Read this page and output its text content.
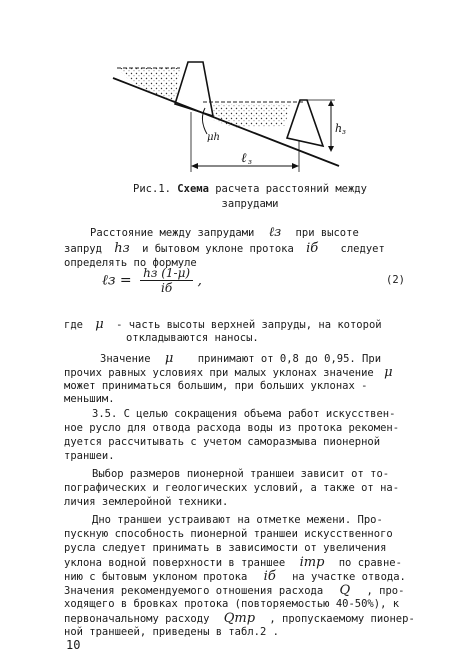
h з
μh
ℓ з
Рис.1. Схема расчета расстояний между
запрудами
Расстояние между запрудами ℓз при высоте
запруд hз и бытовом уклоне протока iб следует
определять по формуле
ℓз = $\frac{hз (1-\mu)}{iб}$ ,	(2)
где μ - часть высоты верхней запруды, на которой
откладываются наносы.
Значение μ принимают от 0,8 до 0,95. При
прочих равных условиях при малых уклонах значение μ
может приниматься большим, при больших уклонах -
меньшим.
3.5. С целью сокращения объема работ искусствен-
ное русло для отвода расхода воды из протока рекомен-
дуется рассчитывать с учетом саморазмыва пионерной
траншеи.
Выбор размеров пионерной траншеи зависит от то-
пографических и геологических условий, а также от на-
личия землеройной техники.
Дно траншеи устраивают на отметке межени. Про-
пускную способность пионерной траншеи искусственного
русла следует принимать в зависимости от увеличения
уклона водной поверхности в траншее iтр по сравне-
нию с бытовым уклоном протока iб на участке отвода.
Значения рекомендуемого отношения расхода Q , про-
ходящего в бровках протока (повторяемостью 40-50%), к
первоначальному расходу Qтр , пропускаемому пионер-
ной траншеей, приведены в табл.2 .
10
